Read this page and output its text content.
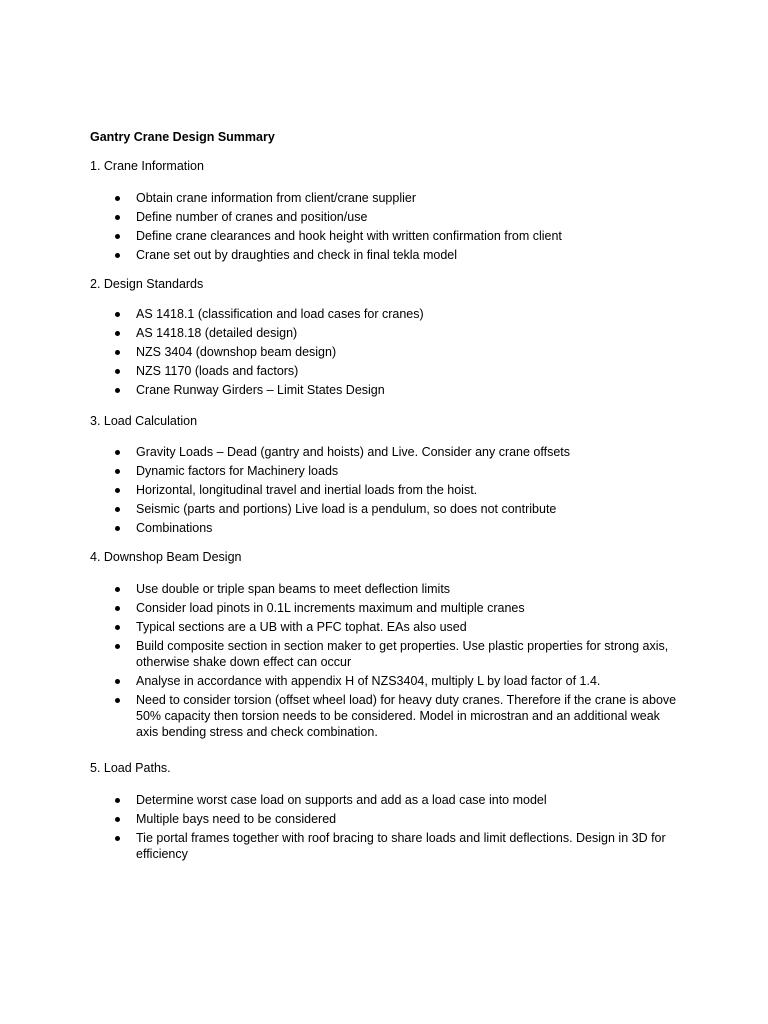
Gantry Crane Design Summary
1. Crane Information
Obtain crane information from client/crane supplier
Define number of cranes and position/use
Define crane clearances and hook height with written confirmation from client
Crane set out by draughties and check in final tekla model
2. Design Standards
AS 1418.1 (classification and load cases for cranes)
AS 1418.18 (detailed design)
NZS 3404 (downshop beam design)
NZS 1170 (loads and factors)
Crane Runway Girders – Limit States Design
3. Load Calculation
Gravity Loads – Dead (gantry and hoists) and Live. Consider any crane offsets
Dynamic factors for Machinery loads
Horizontal, longitudinal travel and inertial loads from the hoist.
Seismic (parts and portions) Live load is a pendulum, so does not contribute
Combinations
4. Downshop Beam Design
Use double or triple span beams to meet deflection limits
Consider load pinots in 0.1L increments maximum and multiple cranes
Typical sections are a UB with a PFC tophat. EAs also used
Build composite section in section maker to get properties. Use plastic properties for strong axis, otherwise shake down effect can occur
Analyse in accordance with appendix H of NZS3404, multiply L by load factor of 1.4.
Need to consider torsion (offset wheel load) for heavy duty cranes. Therefore if the crane is above 50% capacity then torsion needs to be considered. Model in microstran and an additional weak axis bending stress and check combination.
5. Load Paths.
Determine worst case load on supports and add as a load case into model
Multiple bays need to be considered
Tie portal frames together with roof bracing to share loads and limit deflections. Design in 3D for efficiency
